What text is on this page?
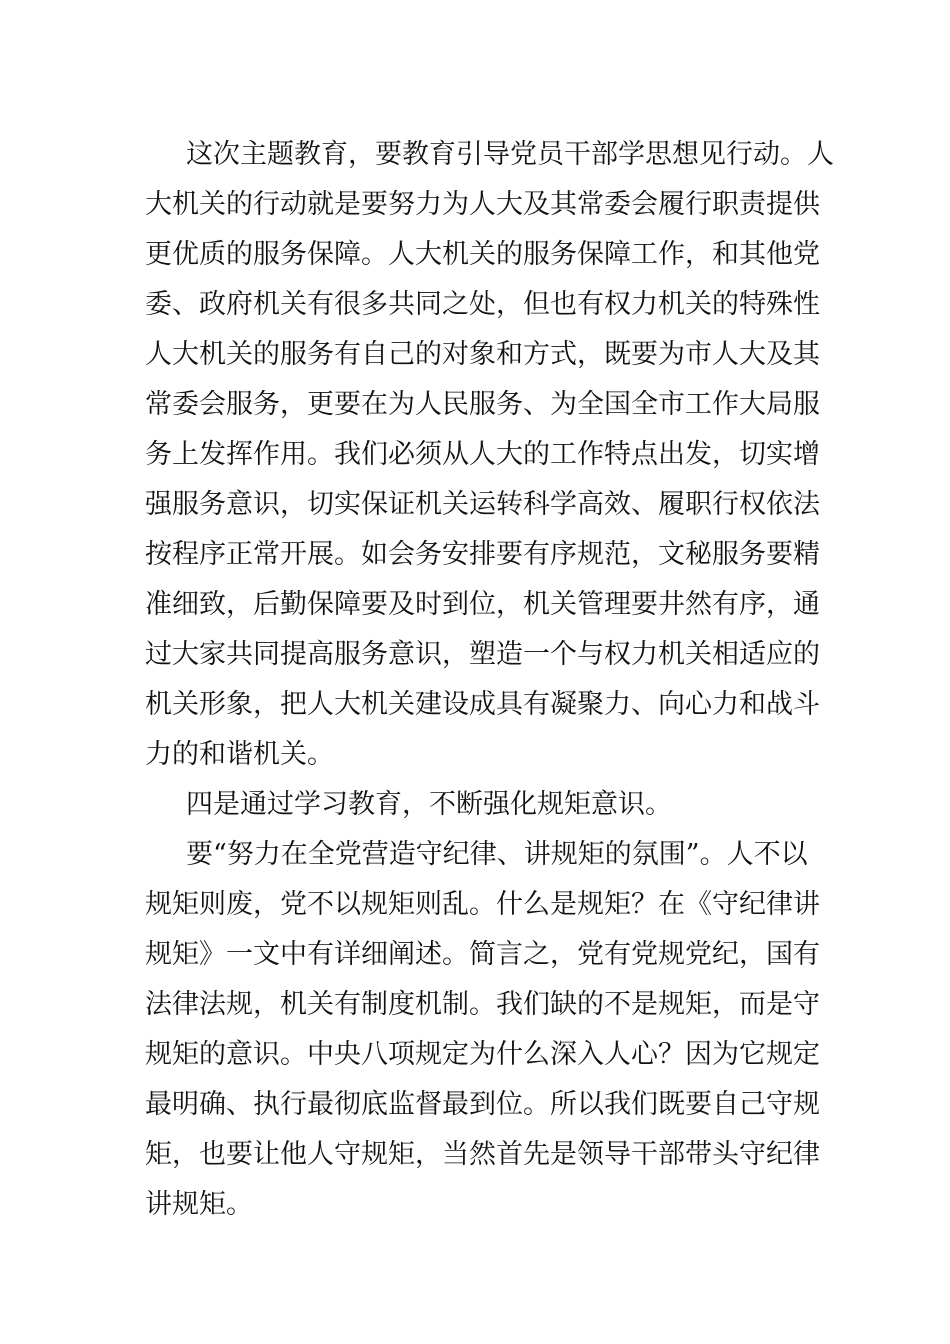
这次主题教育，要教育引导党员干部学思想见行动。人
大机关的行动就是要努力为人大及其常委会履行职责提供
更优质的服务保障。人大机关的服务保障工作，和其他党
委、政府机关有很多共同之处，但也有权力机关的特殊性
人大机关的服务有自己的对象和方式，既要为市人大及其
常委会服务，更要在为人民服务、为全国全市工作大局服
务上发挥作用。我们必须从人大的工作特点出发，切实增
强服务意识，切实保证机关运转科学高效、履职行权依法
按程序正常开展。如会务安排要有序规范，文秘服务要精
准细致，后勤保障要及时到位，机关管理要井然有序，通
过大家共同提高服务意识，塑造一个与权力机关相适应的
机关形象，把人大机关建设成具有凝聚力、向心力和战斗
力的和谐机关。
四是通过学习教育，不断强化规矩意识。
要“努力在全党营造守纪律、讲规矩的氛围”。人不以
规矩则废，党不以规矩则乱。什么是规矩？在《守纪律讲
规矩》一文中有详细阐述。简言之，党有党规党纪，国有
法律法规，机关有制度机制。我们缺的不是规矩，而是守
规矩的意识。中央八项规定为什么深入人心？因为它规定
最明确、执行最彻底监督最到位。所以我们既要自己守规
矩，也要让他人守规矩，当然首先是领导干部带头守纪律
讲规矩。
